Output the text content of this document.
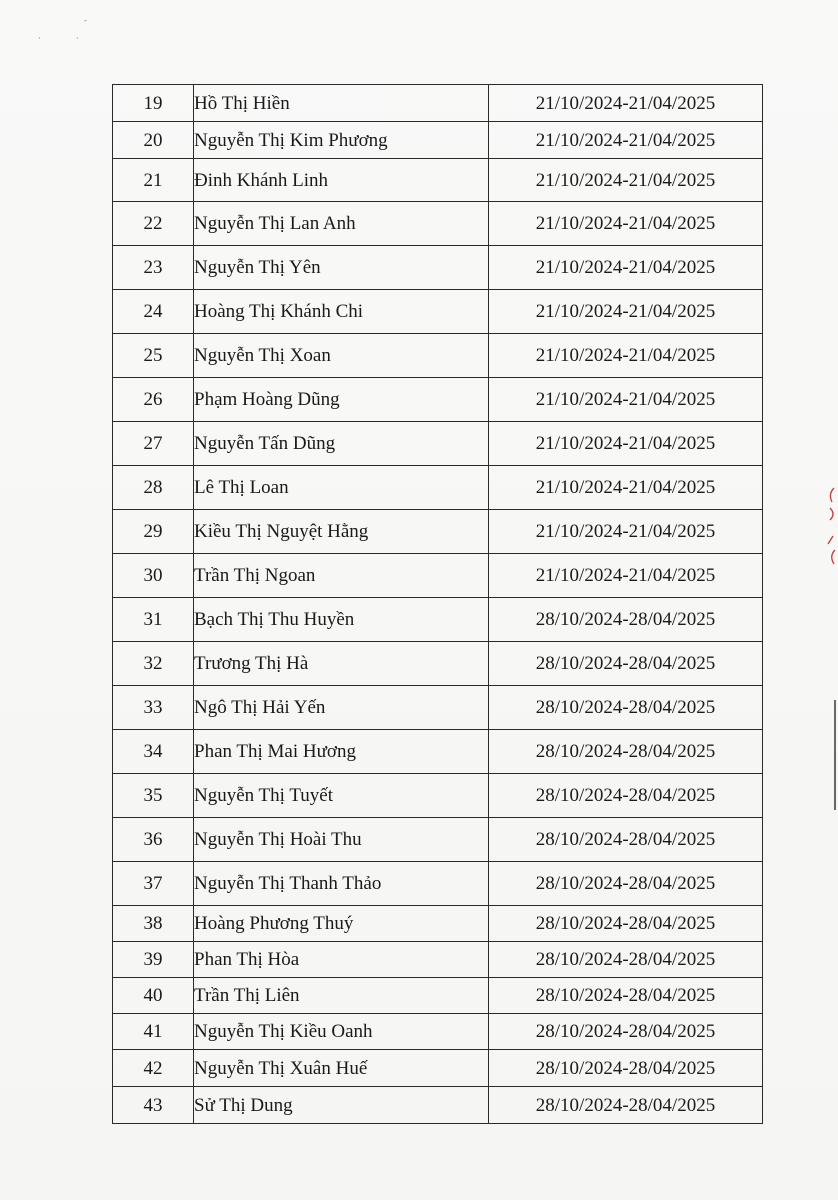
·	·
-
19	Hồ Thị Hiền	21/10/2024-21/04/2025
20	Nguyễn Thị Kim Phương	21/10/2024-21/04/2025
21	Đinh Khánh Linh	21/10/2024-21/04/2025
22	Nguyễn Thị Lan Anh	21/10/2024-21/04/2025
23	Nguyễn Thị Yên	21/10/2024-21/04/2025
24	Hoàng Thị Khánh Chi	21/10/2024-21/04/2025
25	Nguyễn Thị Xoan	21/10/2024-21/04/2025
26	Phạm Hoàng Dũng	21/10/2024-21/04/2025
27	Nguyễn Tấn Dũng	21/10/2024-21/04/2025
28	Lê Thị Loan	21/10/2024-21/04/2025
29	Kiều Thị Nguyệt Hằng	21/10/2024-21/04/2025
30	Trần Thị Ngoan	21/10/2024-21/04/2025
31	Bạch Thị Thu Huyền	28/10/2024-28/04/2025
32	Trương Thị Hà	28/10/2024-28/04/2025
33	Ngô Thị Hải Yến	28/10/2024-28/04/2025
34	Phan Thị Mai Hương	28/10/2024-28/04/2025
35	Nguyễn Thị Tuyết	28/10/2024-28/04/2025
36	Nguyễn Thị Hoài Thu	28/10/2024-28/04/2025
37	Nguyễn Thị Thanh Thảo	28/10/2024-28/04/2025
38	Hoàng Phương Thuý	28/10/2024-28/04/2025
39	Phan Thị Hòa	28/10/2024-28/04/2025
40	Trần Thị Liên	28/10/2024-28/04/2025
41	Nguyễn Thị Kiều Oanh	28/10/2024-28/04/2025
42	Nguyễn Thị Xuân Huế	28/10/2024-28/04/2025
43	Sử Thị Dung	28/10/2024-28/04/2025
